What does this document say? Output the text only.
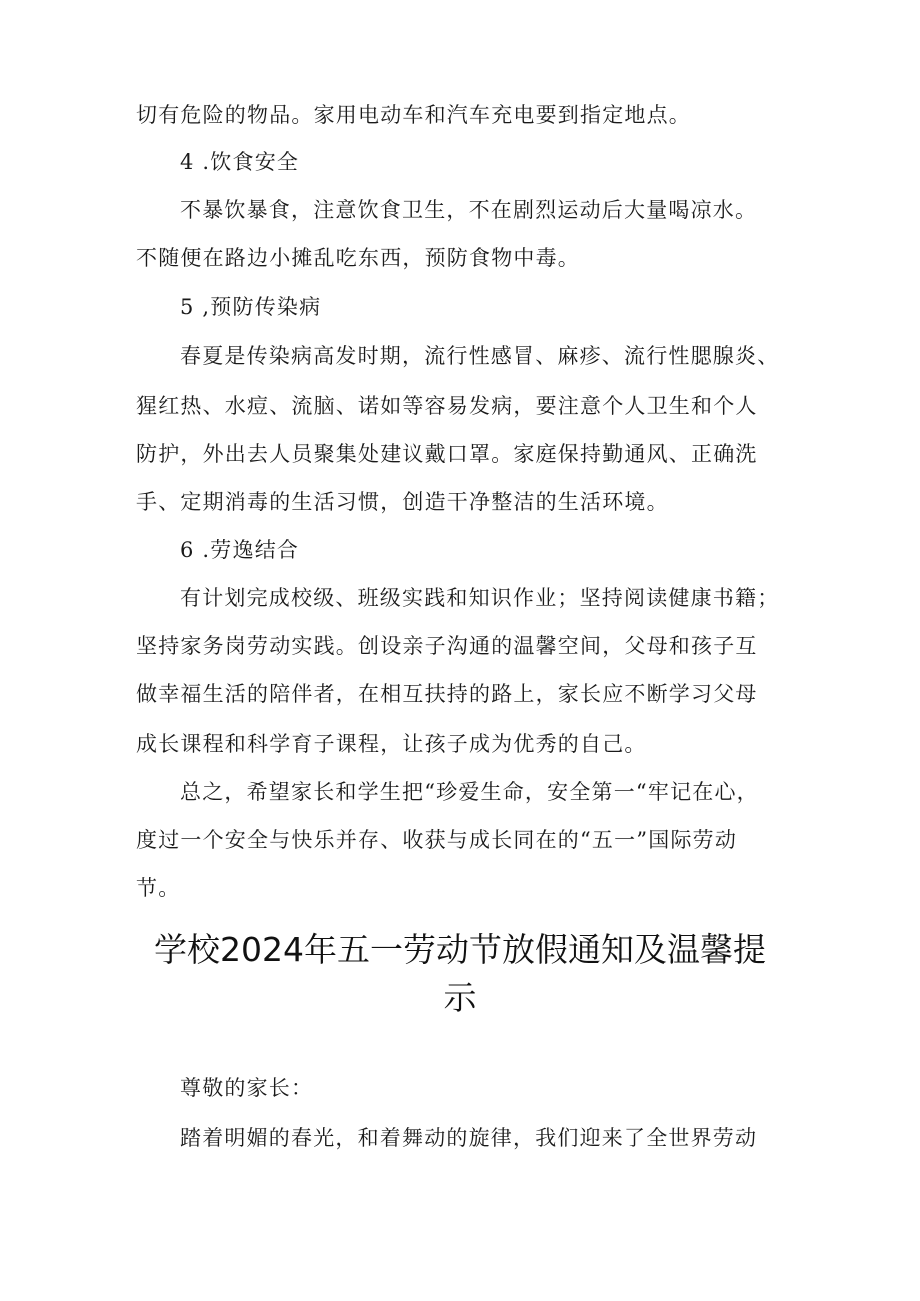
切有危险的物品。家用电动车和汽车充电要到指定地点。
4 .饮食安全
不暴饮暴食，注意饮食卫生，不在剧烈运动后大量喝凉水。
不随便在路边小摊乱吃东西，预防食物中毒。
5 ,预防传染病
春夏是传染病高发时期，流行性感冒、麻疹、流行性腮腺炎、
猩红热、水痘、流脑、诺如等容易发病，要注意个人卫生和个人
防护，外出去人员聚集处建议戴口罩。家庭保持勤通风、正确洗
手、定期消毒的生活习惯，创造干净整洁的生活环境。
6 .劳逸结合
有计划完成校级、班级实践和知识作业；坚持阅读健康书籍；
坚持家务岗劳动实践。创设亲子沟通的温馨空间，父母和孩子互
做幸福生活的陪伴者，在相互扶持的路上，家长应不断学习父母
成长课程和科学育子课程，让孩子成为优秀的自己。
总之，希望家长和学生把“珍爱生命，安全第一“牢记在心，
度过一个安全与快乐并存、收获与成长同在的“五一”国际劳动
节。
学校2024年五一劳动节放假通知及温馨提
示
尊敬的家长：
踏着明媚的春光，和着舞动的旋律，我们迎来了全世界劳动
